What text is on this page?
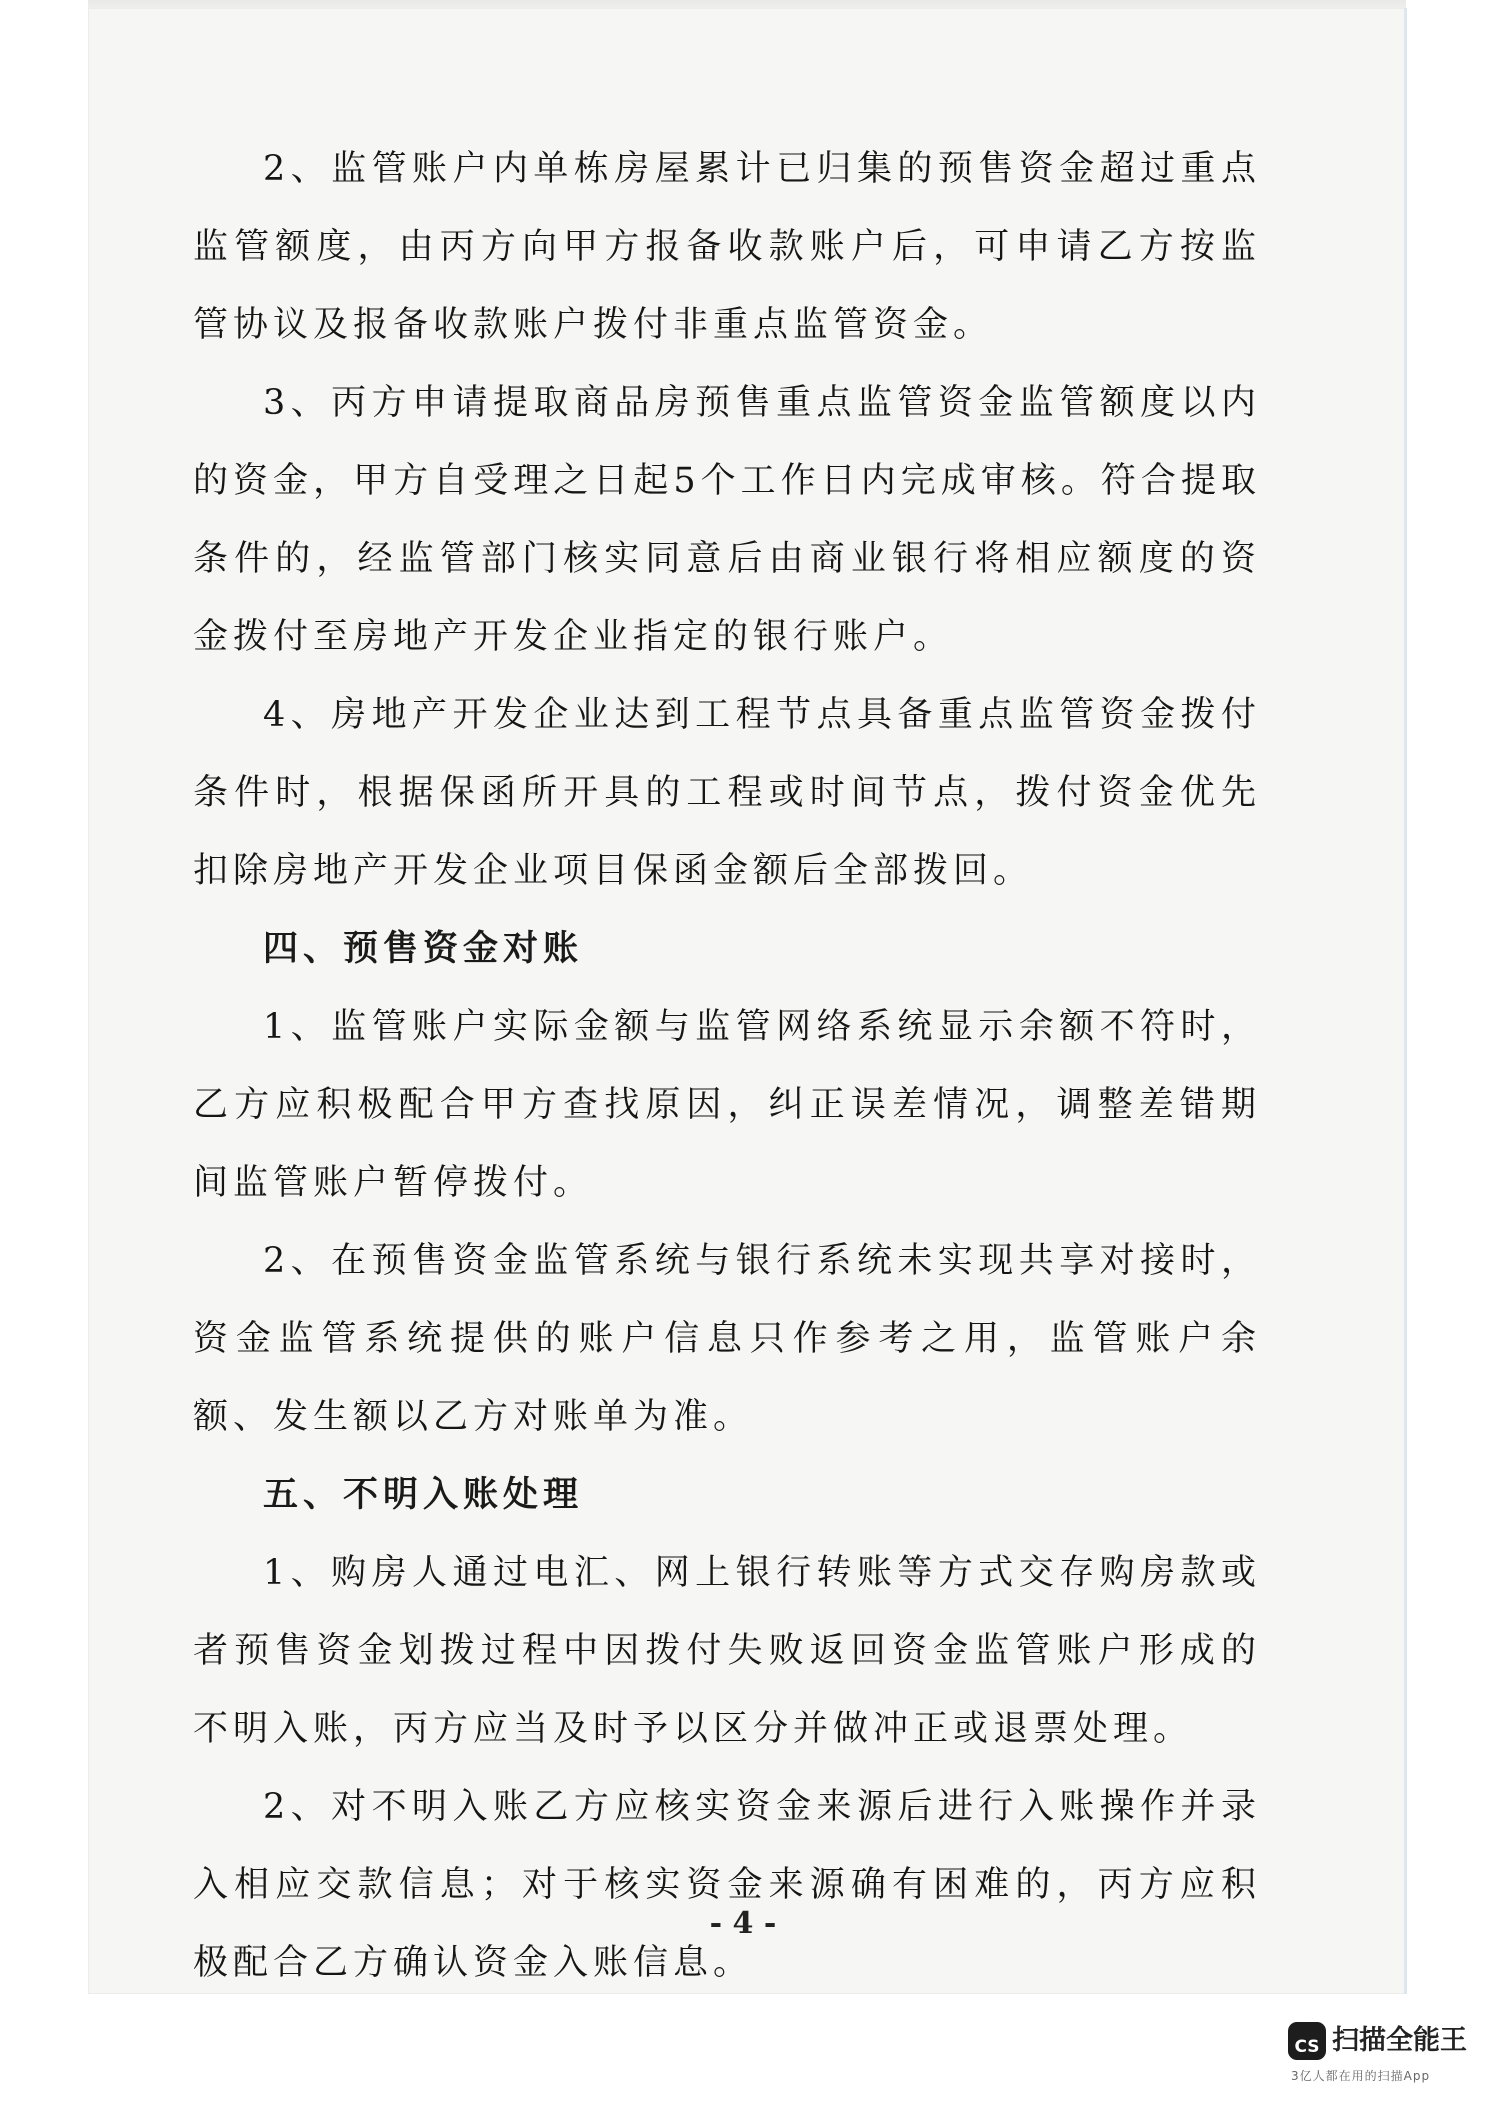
2、监管账户内单栋房屋累计已归集的预售资金超过重点监管额度，由丙方向甲方报备收款账户后，可申请乙方按监管协议及报备收款账户拨付非重点监管资金。

3、丙方申请提取商品房预售重点监管资金监管额度以内的资金，甲方自受理之日起5个工作日内完成审核。符合提取条件的，经监管部门核实同意后由商业银行将相应额度的资金拨付至房地产开发企业指定的银行账户。

4、房地产开发企业达到工程节点具备重点监管资金拨付条件时，根据保函所开具的工程或时间节点，拨付资金优先扣除房地产开发企业项目保函金额后全部拨回。

四、预售资金对账

1、监管账户实际金额与监管网络系统显示余额不符时，乙方应积极配合甲方查找原因，纠正误差情况，调整差错期间监管账户暂停拨付。

2、在预售资金监管系统与银行系统未实现共享对接时，资金监管系统提供的账户信息只作参考之用，监管账户余额、发生额以乙方对账单为准。

五、不明入账处理

1、购房人通过电汇、网上银行转账等方式交存购房款或者预售资金划拨过程中因拨付失败返回资金监管账户形成的不明入账，丙方应当及时予以区分并做冲正或退票处理。

2、对不明入账乙方应核实资金来源后进行入账操作并录入相应交款信息；对于核实资金来源确有困难的，丙方应积极配合乙方确认资金入账信息。

- 4 -
CS 扫描全能王
3亿人都在用的扫描App
